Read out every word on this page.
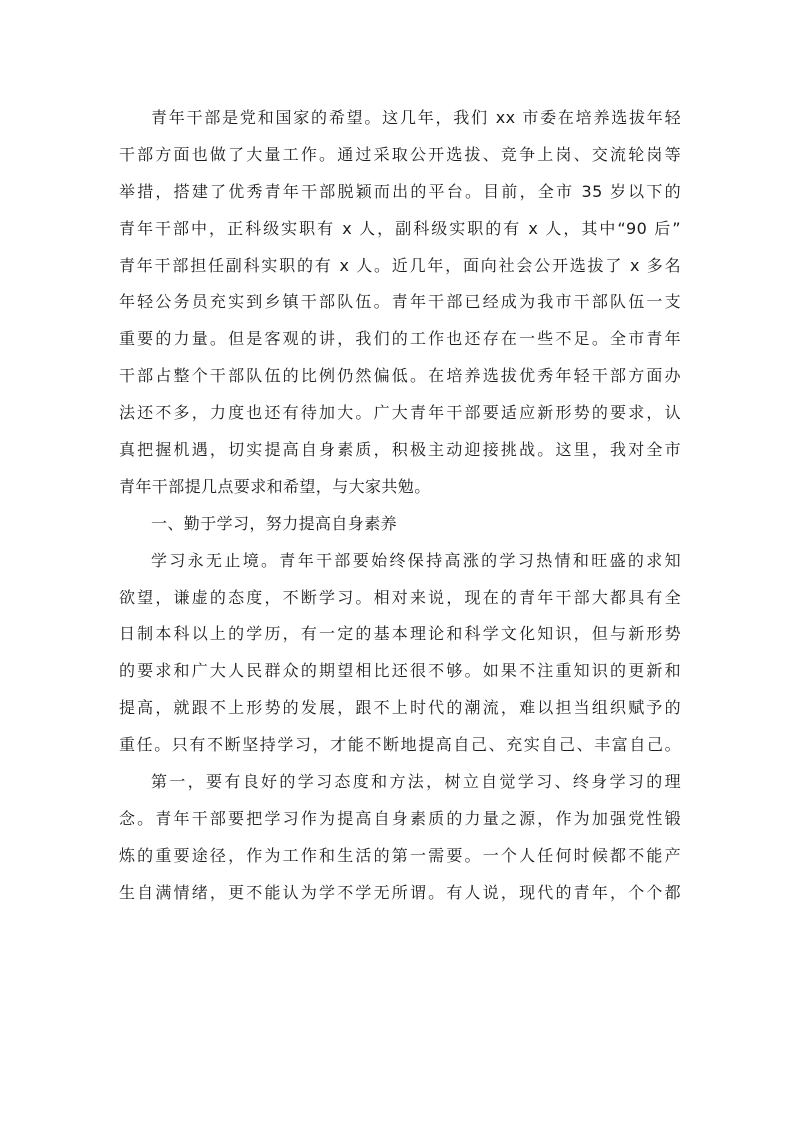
青年干部是党和国家的希望。这几年，我们 xx 市委在培养选拔年轻
干部方面也做了大量工作。通过采取公开选拔、竞争上岗、交流轮岗等
举措，搭建了优秀青年干部脱颖而出的平台。目前，全市 35 岁以下的
青年干部中，正科级实职有 x 人，副科级实职的有 x 人，其中“90 后”
青年干部担任副科实职的有 x 人。近几年，面向社会公开选拔了 x 多名
年轻公务员充实到乡镇干部队伍。青年干部已经成为我市干部队伍一支
重要的力量。但是客观的讲，我们的工作也还存在一些不足。全市青年
干部占整个干部队伍的比例仍然偏低。在培养选拔优秀年轻干部方面办
法还不多，力度也还有待加大。广大青年干部要适应新形势的要求，认
真把握机遇，切实提高自身素质，积极主动迎接挑战。这里，我对全市
青年干部提几点要求和希望，与大家共勉。
一、勤于学习，努力提高自身素养
学习永无止境。青年干部要始终保持高涨的学习热情和旺盛的求知
欲望，谦虚的态度，不断学习。相对来说，现在的青年干部大都具有全
日制本科以上的学历，有一定的基本理论和科学文化知识，但与新形势
的要求和广大人民群众的期望相比还很不够。如果不注重知识的更新和
提高，就跟不上形势的发展，跟不上时代的潮流，难以担当组织赋予的
重任。只有不断坚持学习，才能不断地提高自己、充实自己、丰富自己。
第一，要有良好的学习态度和方法，树立自觉学习、终身学习的理
念。青年干部要把学习作为提高自身素质的力量之源，作为加强党性锻
炼的重要途径，作为工作和生活的第一需要。一个人任何时候都不能产
生自满情绪，更不能认为学不学无所谓。有人说，现代的青年，个个都
